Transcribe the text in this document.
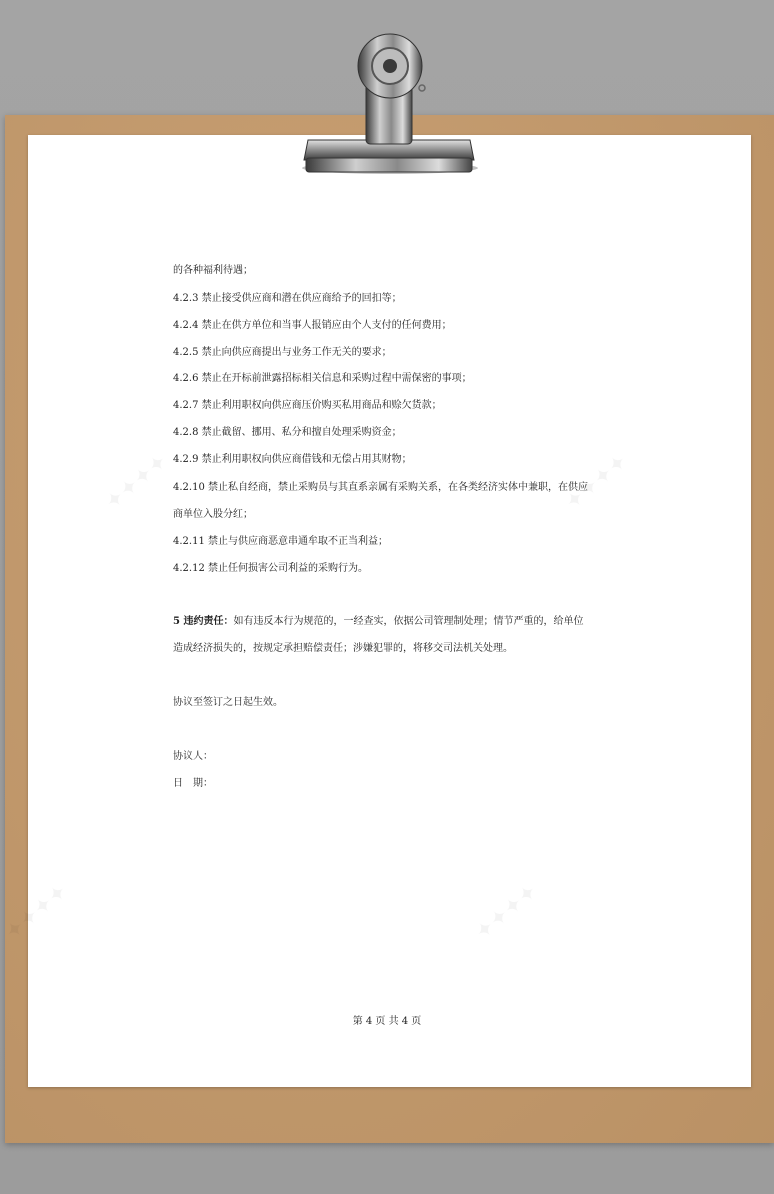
的各种福利待遇；

4.2.3 禁止接受供应商和潜在供应商给予的回扣等；

4.2.4 禁止在供方单位和当事人报销应由个人支付的任何费用；

4.2.5 禁止向供应商提出与业务工作无关的要求；

4.2.6 禁止在开标前泄露招标相关信息和采购过程中需保密的事项；

4.2.7 禁止利用职权向供应商压价购买私用商品和赊欠货款；

4.2.8 禁止截留、挪用、私分和擅自处理采购资金；

4.2.9 禁止利用职权向供应商借钱和无偿占用其财物；

4.2.10 禁止私自经商，禁止采购员与其直系亲属有采购关系，在各类经济实体中兼职，在供应

商单位入股分红；

4.2.11 禁止与供应商恶意串通牟取不正当利益；

4.2.12 禁止任何损害公司利益的采购行为。

5 违约责任：如有违反本行为规范的，一经查实，依据公司管理制处理；情节严重的，给单位

造成经济损失的，按规定承担赔偿责任；涉嫌犯罪的，将移交司法机关处理。

协议至签订之日起生效。

协议人：

日　期：

第 4 页 共 4 页
